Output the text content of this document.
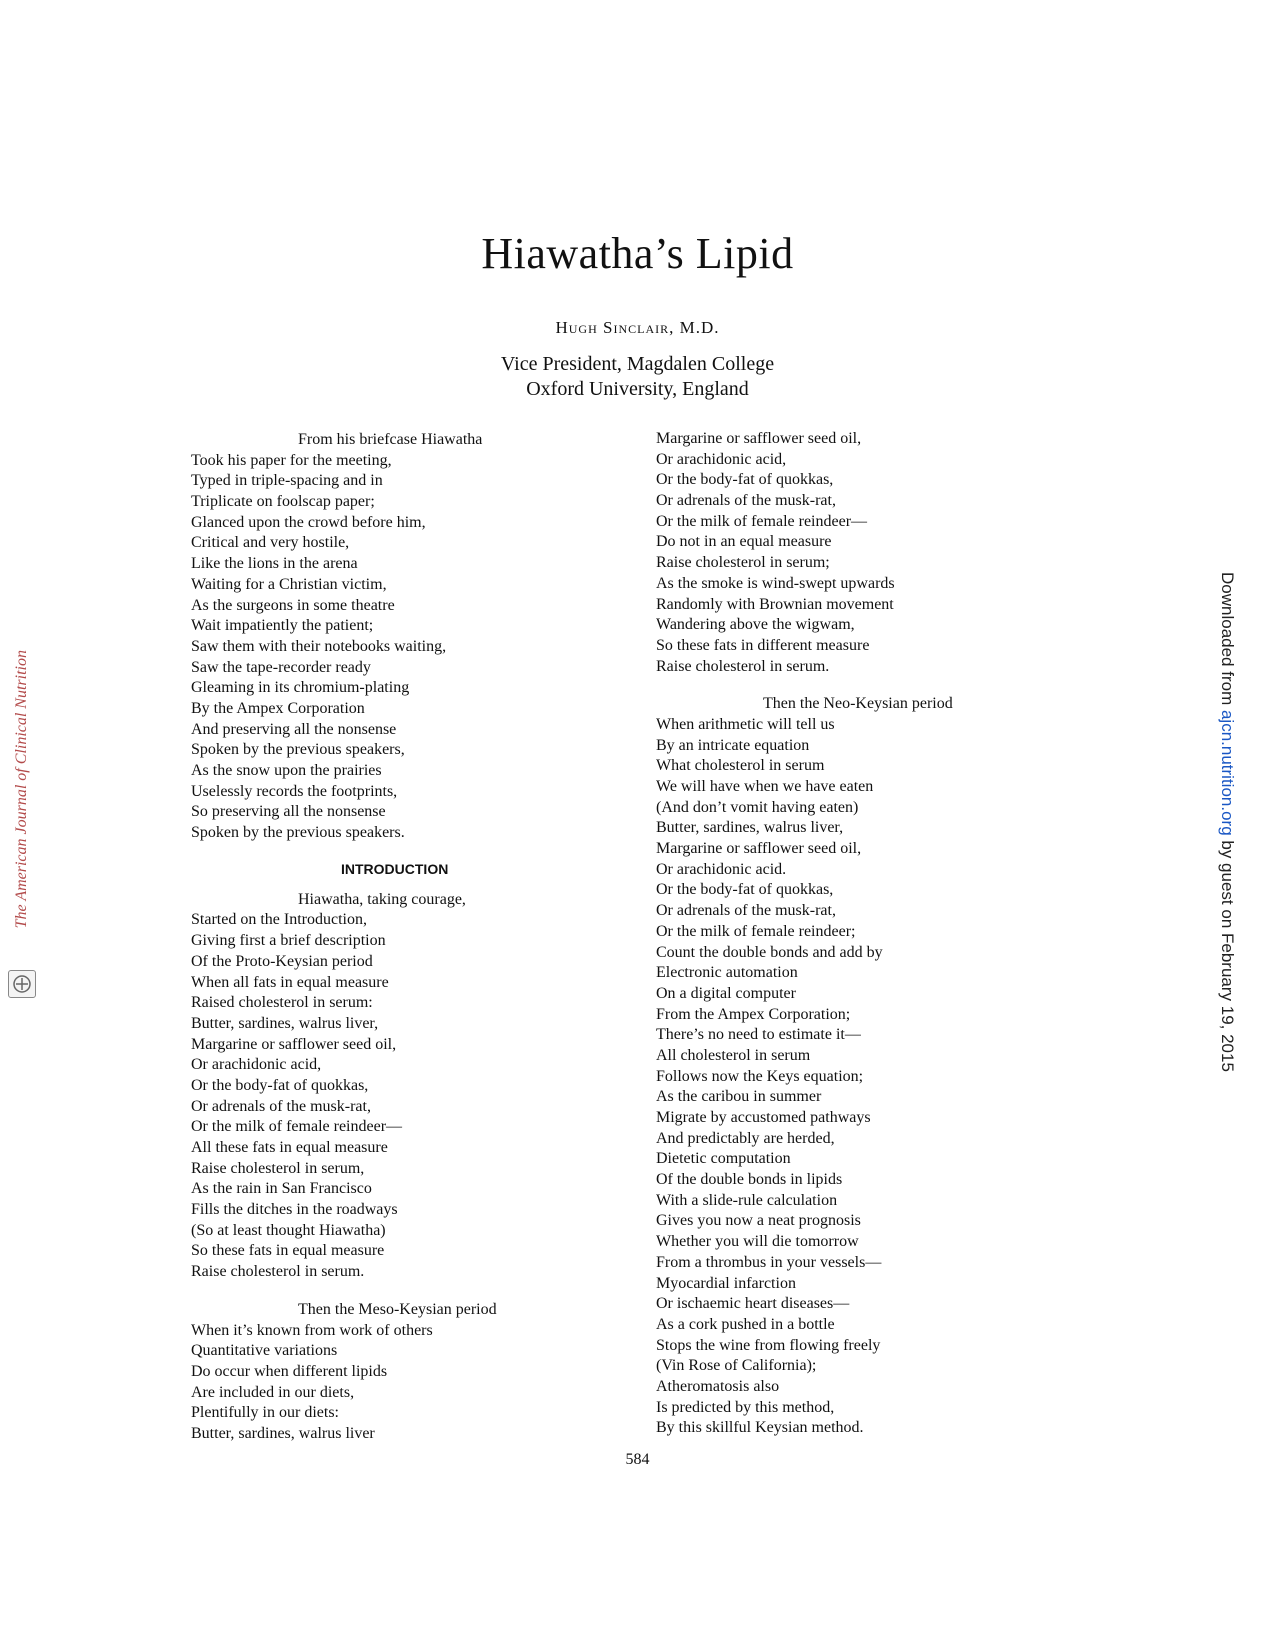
Hiawatha’s Lipid
Hugh Sinclair, M.D.
Vice President, Magdalen College
Oxford University, England
From his briefcase Hiawatha
Took his paper for the meeting,
Typed in triple-spacing and in
Triplicate on foolscap paper;
Glanced upon the crowd before him,
Critical and very hostile,
Like the lions in the arena
Waiting for a Christian victim,
As the surgeons in some theatre
Wait impatiently the patient;
Saw them with their notebooks waiting,
Saw the tape-recorder ready
Gleaming in its chromium-plating
By the Ampex Corporation
And preserving all the nonsense
Spoken by the previous speakers,
As the snow upon the prairies
Uselessly records the footprints,
So preserving all the nonsense
Spoken by the previous speakers.
INTRODUCTION
Hiawatha, taking courage,
Started on the Introduction,
Giving first a brief description
Of the Proto-Keysian period
When all fats in equal measure
Raised cholesterol in serum:
Butter, sardines, walrus liver,
Margarine or safflower seed oil,
Or arachidonic acid,
Or the body-fat of quokkas,
Or adrenals of the musk-rat,
Or the milk of female reindeer—
All these fats in equal measure
Raise cholesterol in serum,
As the rain in San Francisco
Fills the ditches in the roadways
(So at least thought Hiawatha)
So these fats in equal measure
Raise cholesterol in serum.
Then the Meso-Keysian period
When it’s known from work of others
Quantitative variations
Do occur when different lipids
Are included in our diets,
Plentifully in our diets:
Butter, sardines, walrus liver
Margarine or safflower seed oil,
Or arachidonic acid,
Or the body-fat of quokkas,
Or adrenals of the musk-rat,
Or the milk of female reindeer—
Do not in an equal measure
Raise cholesterol in serum;
As the smoke is wind-swept upwards
Randomly with Brownian movement
Wandering above the wigwam,
So these fats in different measure
Raise cholesterol in serum.
Then the Neo-Keysian period
When arithmetic will tell us
By an intricate equation
What cholesterol in serum
We will have when we have eaten
(And don’t vomit having eaten)
Butter, sardines, walrus liver,
Margarine or safflower seed oil,
Or arachidonic acid.
Or the body-fat of quokkas,
Or adrenals of the musk-rat,
Or the milk of female reindeer;
Count the double bonds and add by
Electronic automation
On a digital computer
From the Ampex Corporation;
There’s no need to estimate it—
All cholesterol in serum
Follows now the Keys equation;
As the caribou in summer
Migrate by accustomed pathways
And predictably are herded,
Dietetic computation
Of the double bonds in lipids
With a slide-rule calculation
Gives you now a neat prognosis
Whether you will die tomorrow
From a thrombus in your vessels—
Myocardial infarction
Or ischaemic heart diseases—
As a cork pushed in a bottle
Stops the wine from flowing freely
(Vin Rose of California);
Atheromatosis also
Is predicted by this method,
By this skillful Keysian method.
584
The American Journal of Clinical Nutrition
Downloaded from ajcn.nutrition.org by guest on February 19, 2015
